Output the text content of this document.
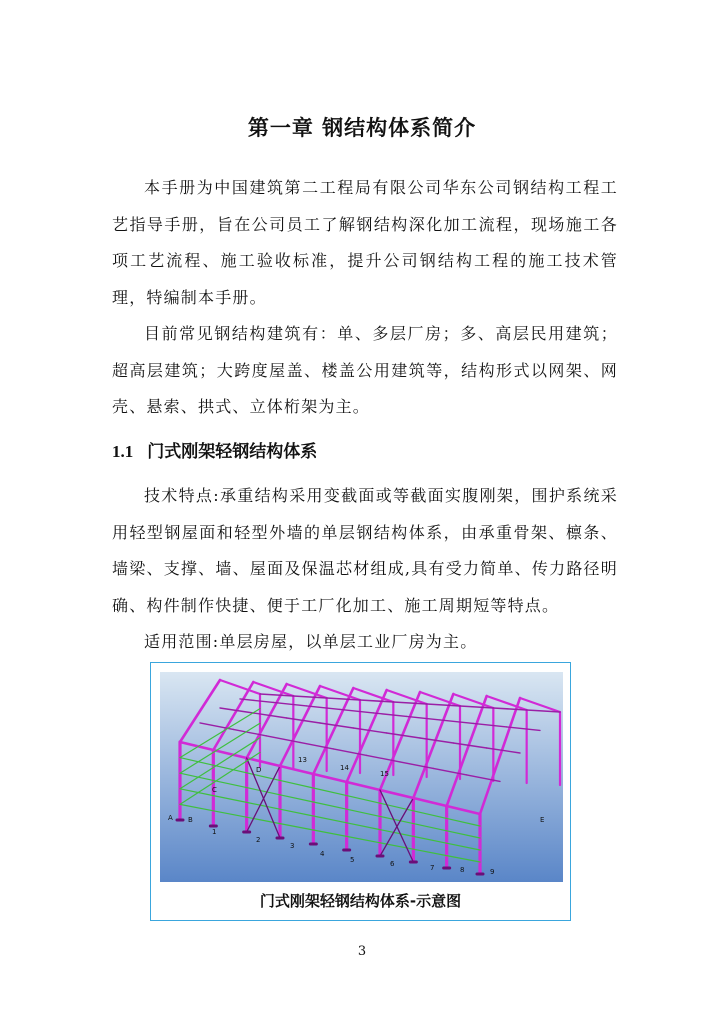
第一章 钢结构体系简介

本手册为中国建筑第二工程局有限公司华东公司钢结构工程工艺指导手册，旨在公司员工了解钢结构深化加工流程，现场施工各项工艺流程、施工验收标准，提升公司钢结构工程的施工技术管理，特编制本手册。

目前常见钢结构建筑有：单、多层厂房；多、高层民用建筑；超高层建筑；大跨度屋盖、楼盖公用建筑等，结构形式以网架、网壳、悬索、拱式、立体桁架为主。

1.1 门式刚架轻钢结构体系

技术特点:承重结构采用变截面或等截面实腹刚架，围护系统采用轻型钢屋面和轻型外墙的单层钢结构体系，由承重骨架、檩条、墙梁、支撑、墙、屋面及保温芯材组成,具有受力简单、传力路径明确、构件制作快捷、便于工厂化加工、施工周期短等特点。

适用范围:单层房屋，以单层工业厂房为主。

A B
C
D
E
1
2
3
4
5	6	7	8	9
13
14
15
门式刚架轻钢结构体系-示意图
3
